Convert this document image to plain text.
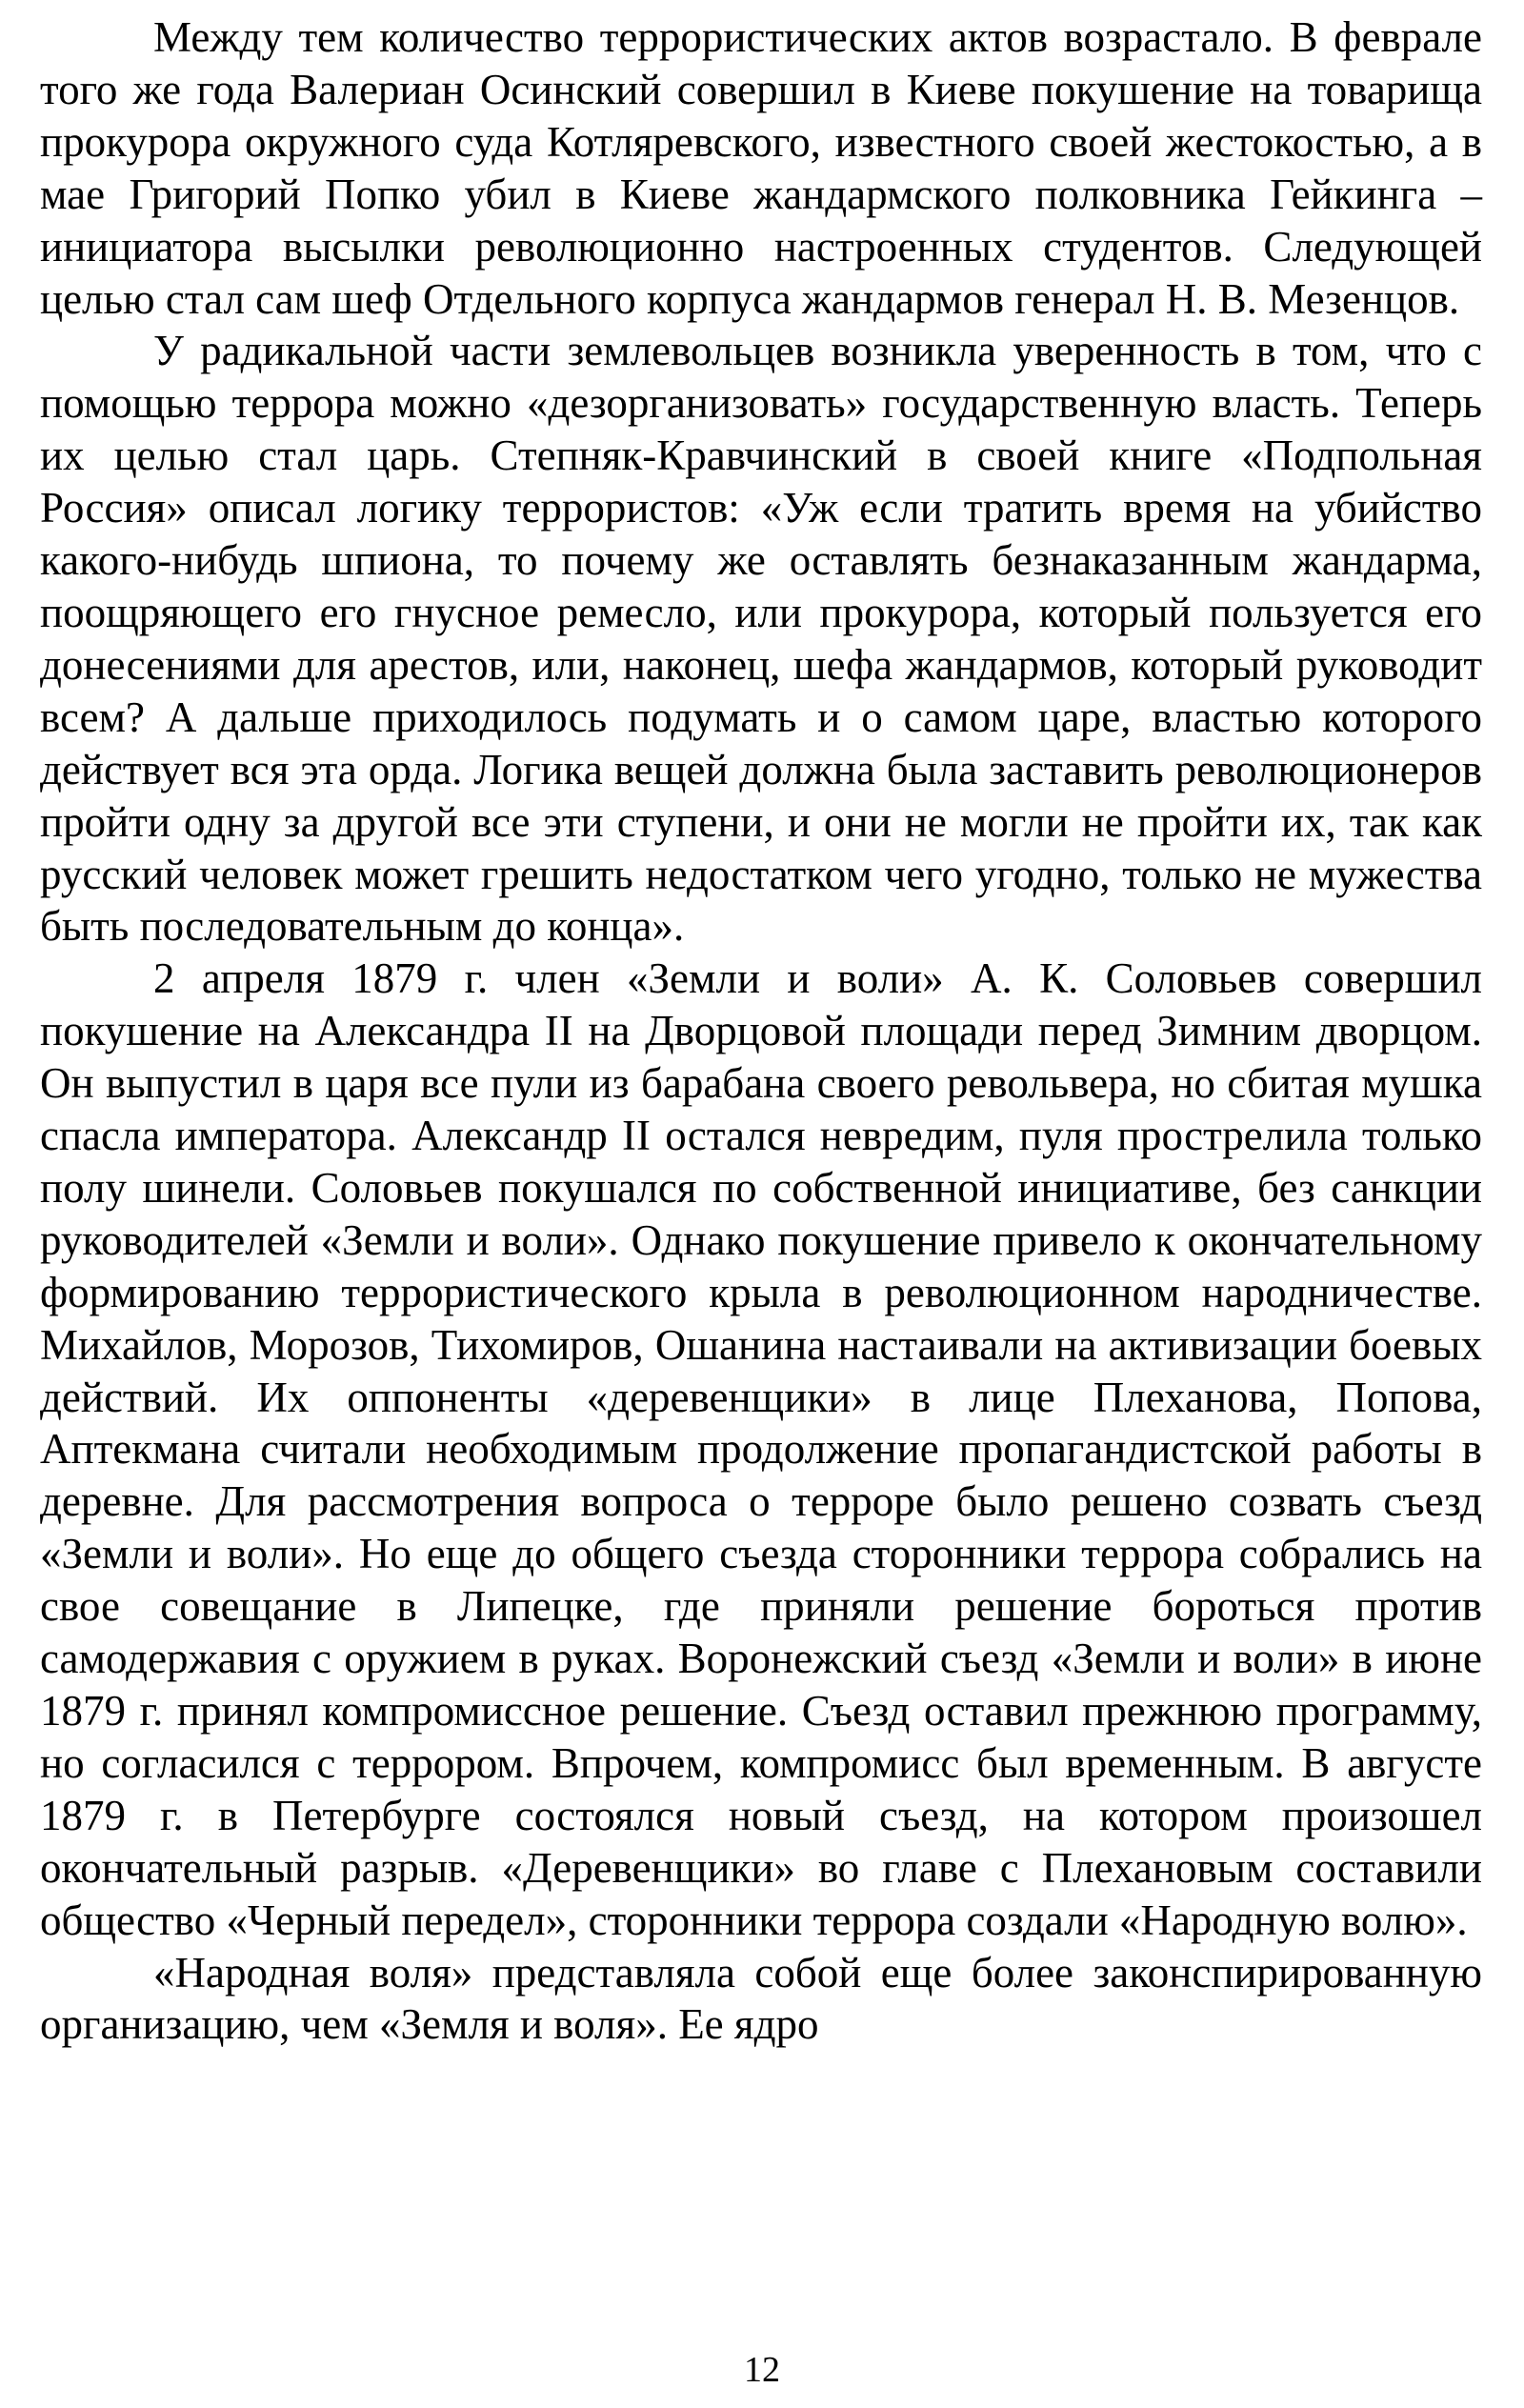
Между тем количество террористических актов возрастало. В феврале того же года Валериан Осинский совершил в Киеве покушение на товарища прокурора окружного суда Котляревского, известного своей жестокостью, а в мае Григорий Попко убил в Киеве жандармского полковника Гейкинга – инициатора высылки революционно настроенных студентов. Следующей целью стал сам шеф Отдельного корпуса жандармов генерал Н. В. Мезенцов.

У радикальной части землевольцев возникла уверенность в том, что с помощью террора можно «дезорганизовать» государственную власть. Теперь их целью стал царь. Степняк-Кравчинский в своей книге «Подпольная Россия» описал логику террористов: «Уж если тратить время на убийство какого-нибудь шпиона, то почему же оставлять безнаказанным жандарма, поощряющего его гнусное ремесло, или прокурора, который пользуется его донесениями для арестов, или, наконец, шефа жандармов, который руководит всем? А дальше приходилось подумать и о самом царе, властью которого действует вся эта орда. Логика вещей должна была заставить революционеров пройти одну за другой все эти ступени, и они не могли не пройти их, так как русский человек может грешить недостатком чего угодно, только не мужества быть последовательным до конца».

2 апреля 1879 г. член «Земли и воли» А. К. Соловьев совершил покушение на Александра II на Дворцовой площади перед Зимним дворцом. Он выпустил в царя все пули из барабана своего револьвера, но сбитая мушка спасла императора. Александр II остался невредим, пуля прострелила только полу шинели. Соловьев покушался по собственной инициативе, без санкции руководителей «Земли и воли». Однако покушение привело к окончательному формированию террористического крыла в революционном народничестве. Михайлов, Морозов, Тихомиров, Ошанина настаивали на активизации боевых действий. Их оппоненты «деревенщики» в лице Плеханова, Попова, Аптекмана считали необходимым продолжение пропагандистской работы в деревне. Для рассмотрения вопроса о терроре было решено созвать съезд «Земли и воли». Но еще до общего съезда сторонники террора собрались на свое совещание в Липецке, где приняли решение бороться против самодержавия с оружием в руках. Воронежский съезд «Земли и воли» в июне 1879 г. принял компромиссное решение. Съезд оставил прежнюю программу, но согласился с террором. Впрочем, компромисс был временным. В августе 1879 г. в Петербурге состоялся новый съезд, на котором произошел окончательный разрыв. «Деревенщики» во главе с Плехановым составили общество «Черный передел», сторонники террора создали «Народную волю».

«Народная воля» представляла собой еще более законспирированную организацию, чем «Земля и воля». Ее ядро

12
